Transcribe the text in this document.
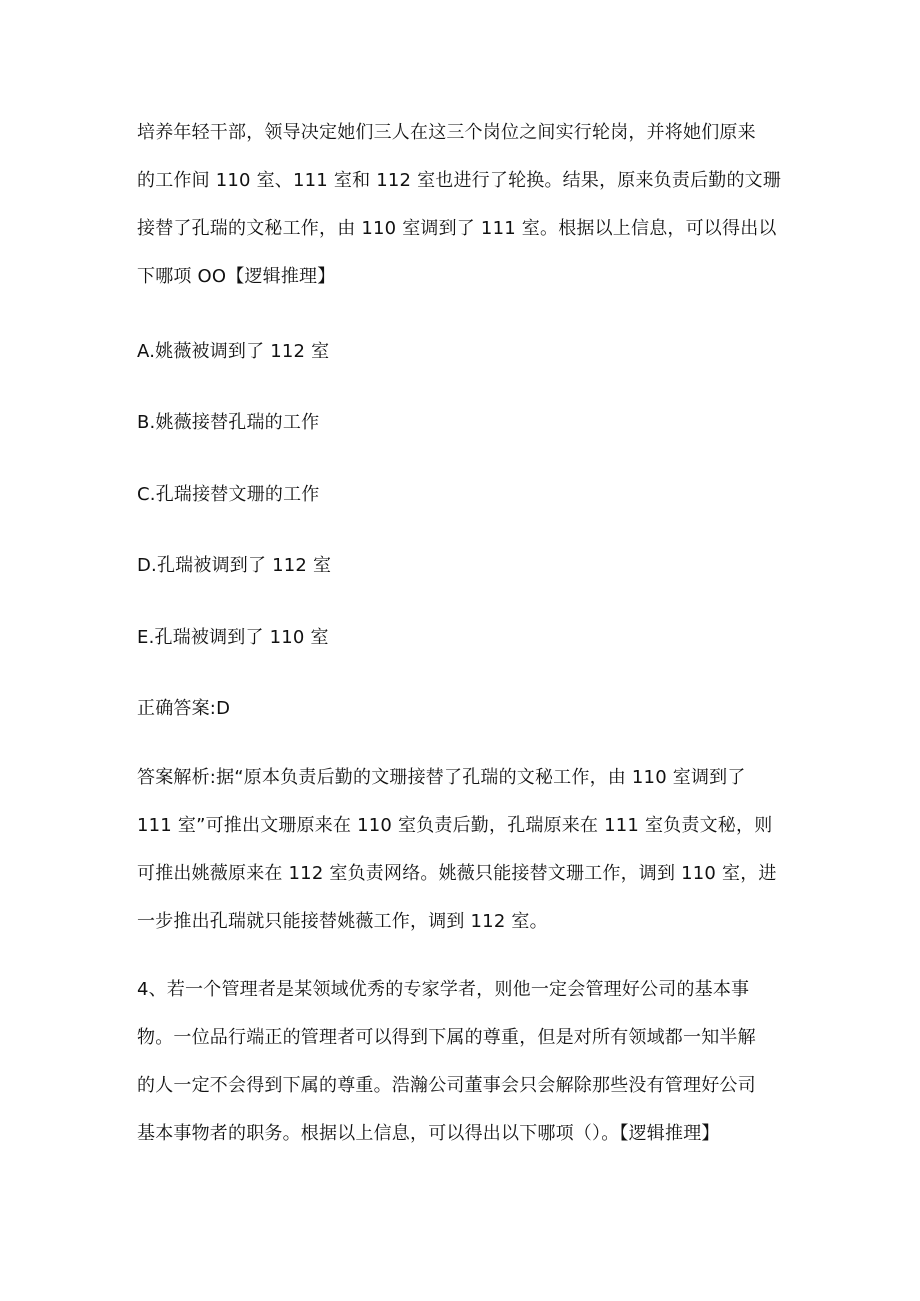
培养年轻干部，领导决定她们三人在这三个岗位之间实行轮岗，并将她们原来
的工作间 110 室、111 室和 112 室也进行了轮换。结果，原来负责后勤的文珊
接替了孔瑞的文秘工作，由 110 室调到了 111 室。根据以上信息，可以得出以
下哪项 OO【逻辑推理】
A.姚薇被调到了 112 室
B.姚薇接替孔瑞的工作
C.孔瑞接替文珊的工作
D.孔瑞被调到了 112 室
E.孔瑞被调到了 110 室
正确答案:D
答案解析:据“原本负责后勤的文珊接替了孔瑞的文秘工作，由 110 室调到了
111 室”可推出文珊原来在 110 室负责后勤，孔瑞原来在 111 室负责文秘，则
可推出姚薇原来在 112 室负责网络。姚薇只能接替文珊工作，调到 110 室，进
一步推出孔瑞就只能接替姚薇工作，调到 112 室。
4、若一个管理者是某领域优秀的专家学者，则他一定会管理好公司的基本事
物。一位品行端正的管理者可以得到下属的尊重，但是对所有领域都一知半解
的人一定不会得到下属的尊重。浩瀚公司董事会只会解除那些没有管理好公司
基本事物者的职务。根据以上信息，可以得出以下哪项（）。【逻辑推理】
